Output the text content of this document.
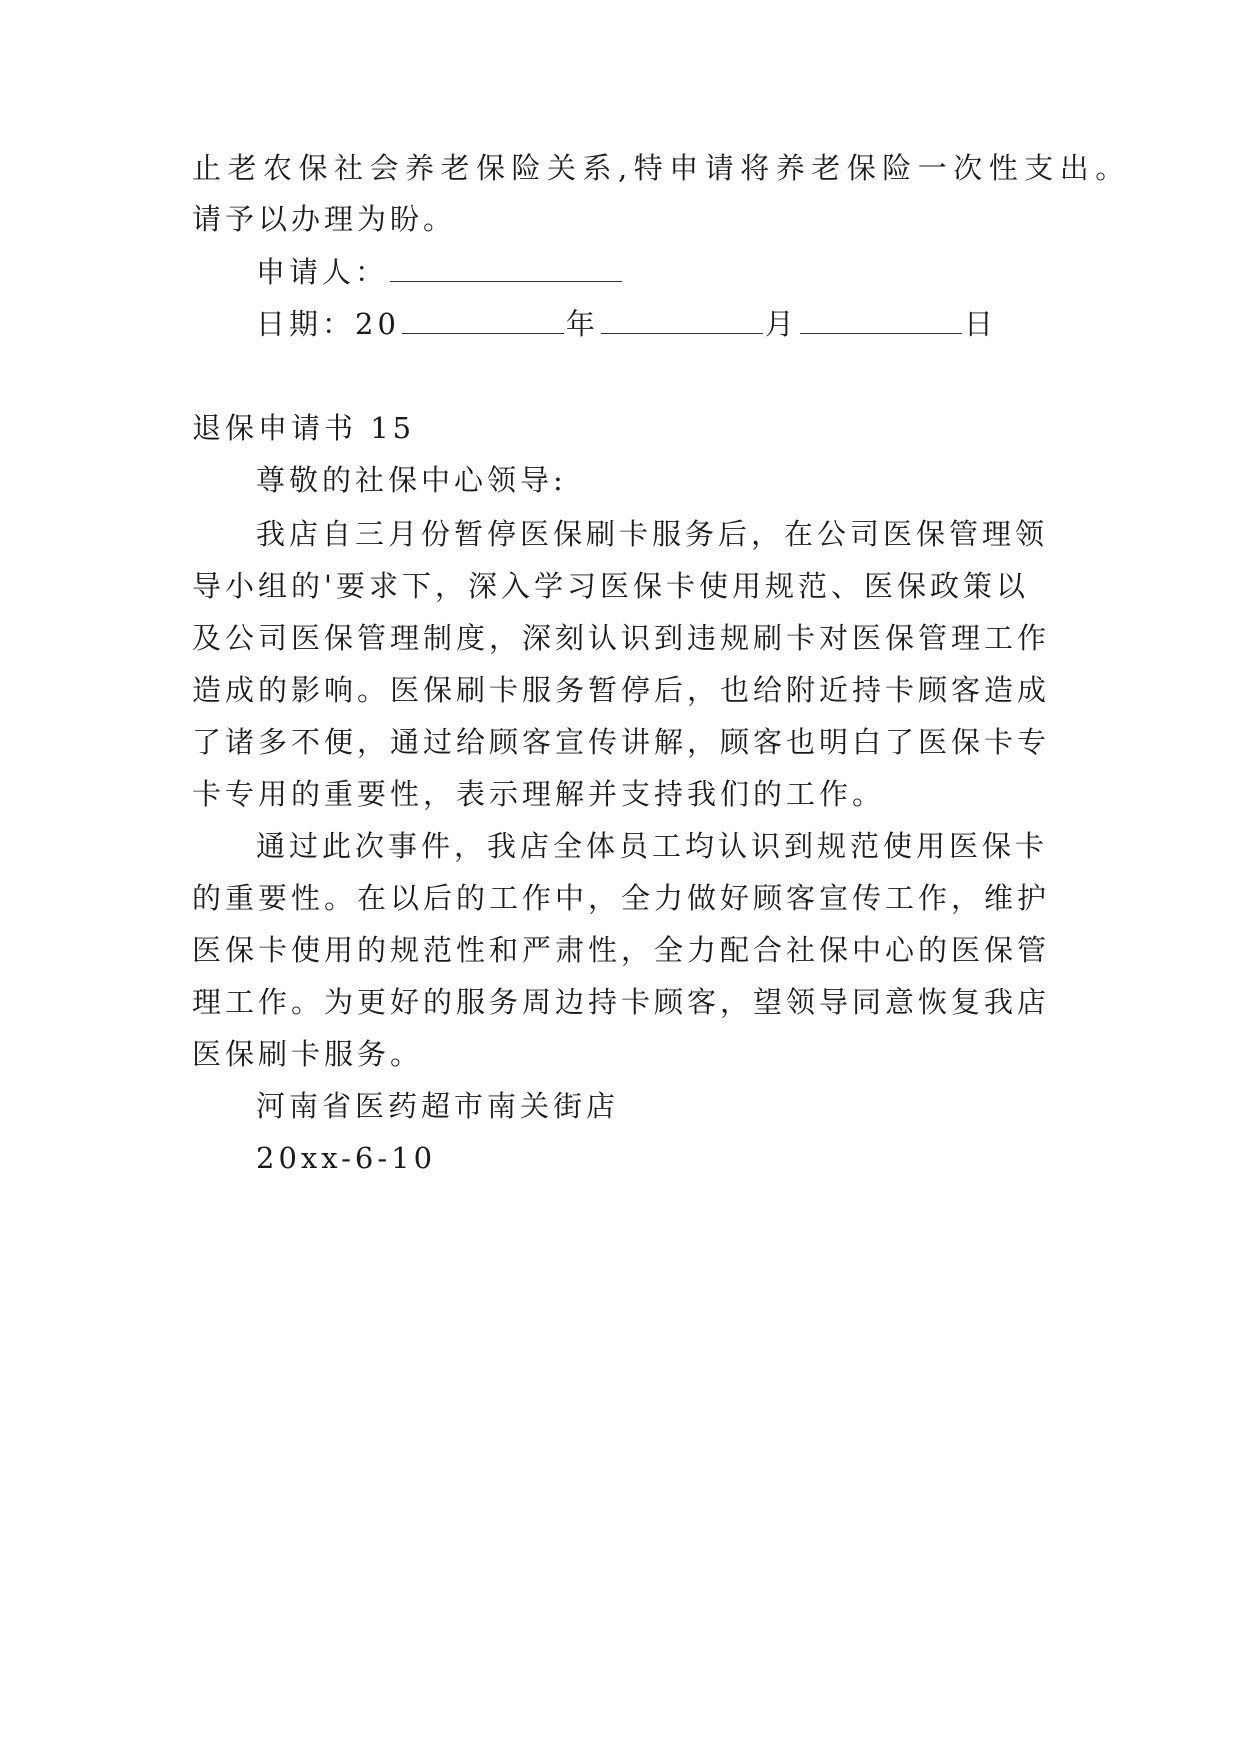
止老农保社会养老保险关系,特申请将养老保险一次性支出。
请予以办理为盼。
申请人：
日期：20	年	月	日
退保申请书 15
尊敬的社保中心领导:
我店自三月份暂停医保刷卡服务后，在公司医保管理领
导小组的'要求下，深入学习医保卡使用规范、医保政策以
及公司医保管理制度，深刻认识到违规刷卡对医保管理工作
造成的影响。医保刷卡服务暂停后，也给附近持卡顾客造成
了诸多不便，通过给顾客宣传讲解，顾客也明白了医保卡专
卡专用的重要性，表示理解并支持我们的工作。
通过此次事件，我店全体员工均认识到规范使用医保卡
的重要性。在以后的工作中，全力做好顾客宣传工作，维护
医保卡使用的规范性和严肃性，全力配合社保中心的医保管
理工作。为更好的服务周边持卡顾客，望领导同意恢复我店
医保刷卡服务。
河南省医药超市南关街店
20xx-6-10
